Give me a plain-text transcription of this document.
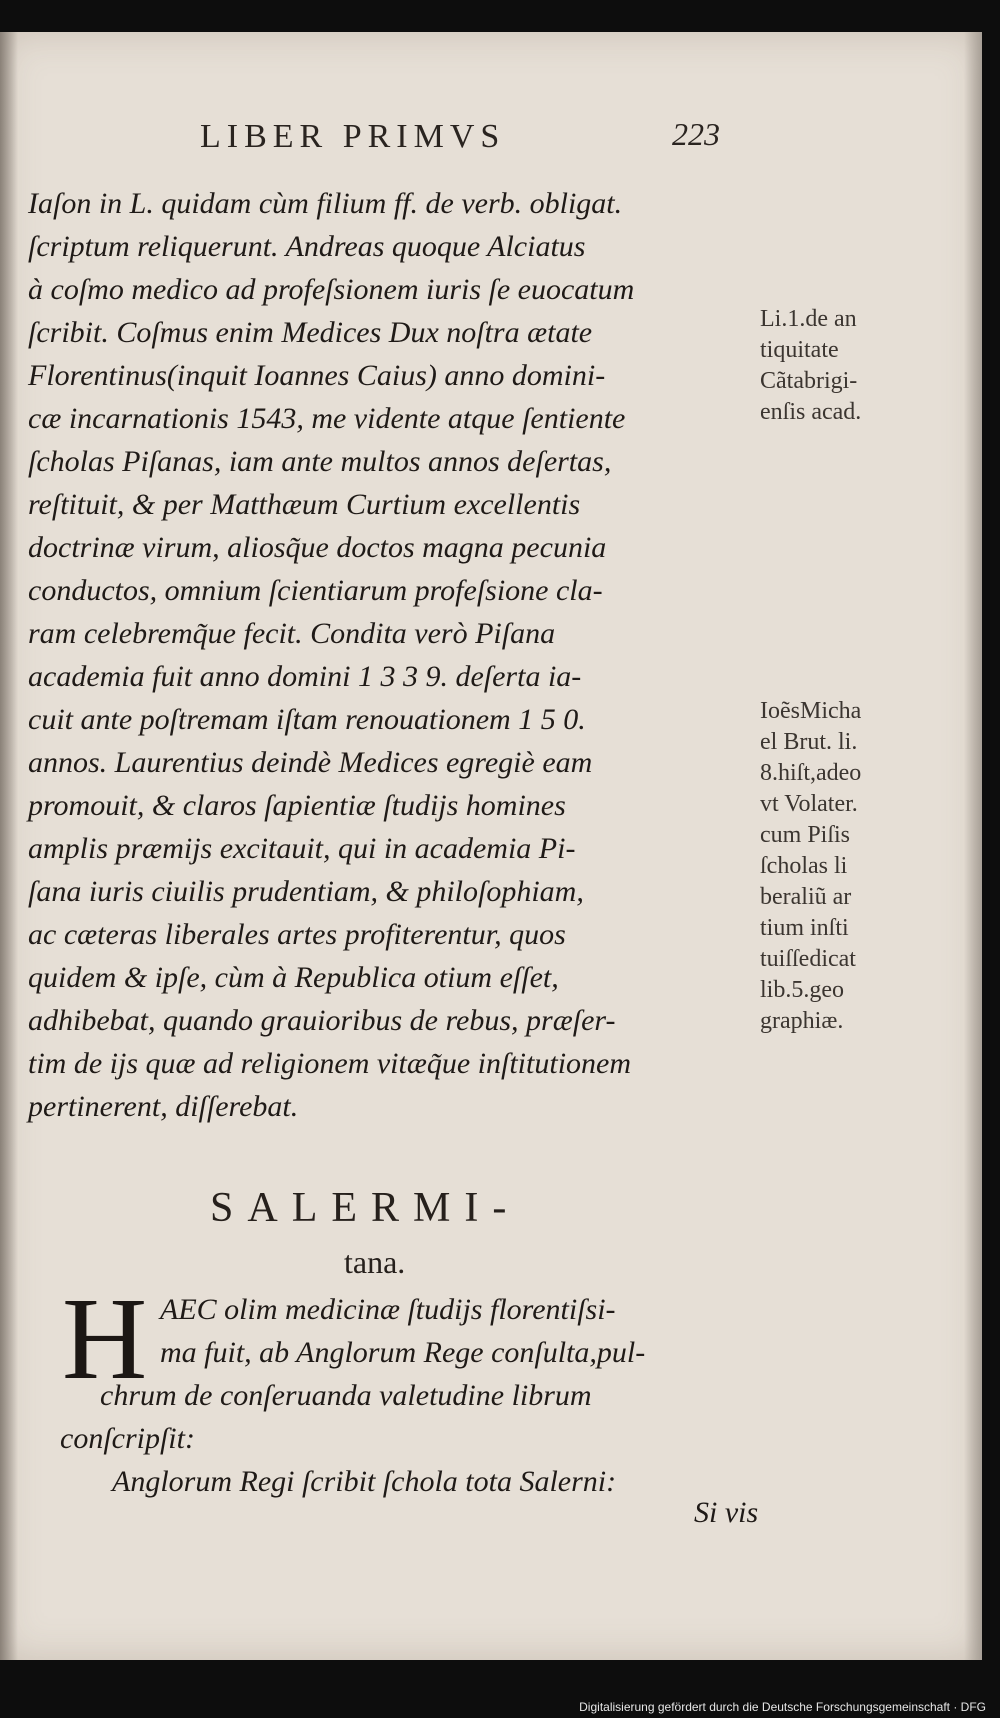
LIBER PRIMVS	223
Iaſon in L. quidam cùm filium ff. de verb. obligat.
ſcriptum reliquerunt. Andreas quoque Alciatus
à coſmo medico ad profeſsionem iuris ſe euocatum
ſcribit. Coſmus enim Medices Dux noſtra ætate
Florentinus(inquit Ioannes Caius) anno domini-
cæ incarnationis 1543, me vidente atque ſentiente
ſcholas Piſanas, iam ante multos annos deſertas,
reſtituit, & per Matthæum Curtium excellentis
doctrinæ virum, aliosq̃ue doctos magna pecunia
conductos, omnium ſcientiarum profeſsione cla-
ram celebremq̃ue fecit. Condita verò Piſana
academia fuit anno domini 1 3 3 9. deſerta ia-
cuit ante poſtremam iſtam renouationem 1 5 0.
annos. Laurentius deindè Medices egregiè eam
promouit, & claros ſapientiæ ſtudijs homines
amplis præmijs excitauit, qui in academia Pi-
ſana iuris ciuilis prudentiam, & philoſophiam,
ac cæteras liberales artes profiterentur, quos
quidem & ipſe, cùm à Republica otium eſſet,
adhibebat, quando grauioribus de rebus, præſer-
tim de ijs quæ ad religionem vitæq̃ue inſtitutionem
pertinerent, diſſerebat.
Li.1.de an
tiquitate
Cãtabrigi-
enſis acad.
IoẽsMicha
el Brut. li.
8.hiſt,adeo
vt Volater.
cum Piſis
ſcholas li
beraliũ ar
tium inſti
tuiſſedicat
lib.5.geo
graphiæ.
SALERMI-
tana.
H AEC olim medicinæ ſtudijs florentiſsi-
ma fuit, ab Anglorum Rege conſulta,pul-
chrum de conſeruanda valetudine librum
conſcripſit:
Anglorum Regi ſcribit ſchola tota Salerni:
Si vis
Digitalisierung gefördert durch die Deutsche Forschungsgemeinschaft · DFG
